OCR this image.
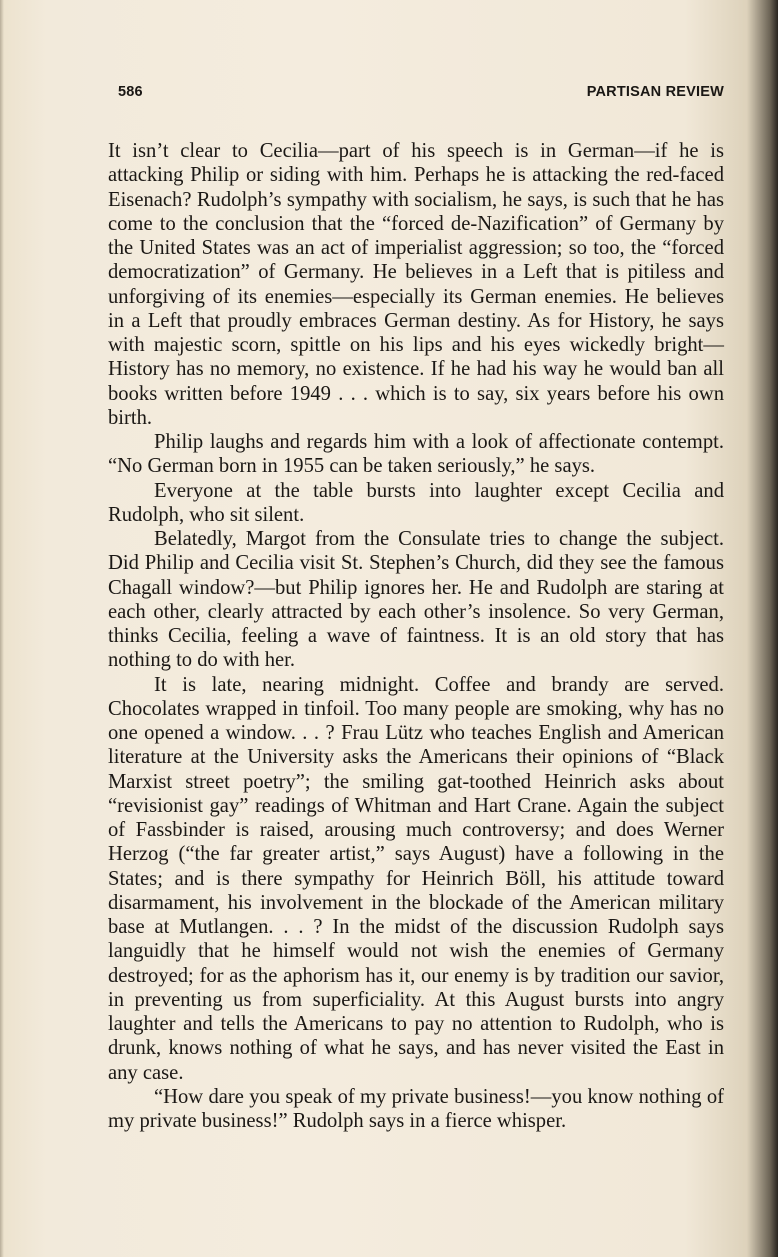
586	PARTISAN REVIEW

It isn’t clear to Cecilia—part of his speech is in German—if he is attacking Philip or siding with him. Perhaps he is attacking the red-faced Eisenach? Rudolph’s sympathy with socialism, he says, is such that he has come to the conclusion that the “forced de-Nazification” of Germany by the United States was an act of imperialist aggression; so too, the “forced democratization” of Germany. He believes in a Left that is pitiless and unforgiving of its enemies—especially its German enemies. He believes in a Left that proudly embraces German destiny. As for History, he says with majestic scorn, spittle on his lips and his eyes wickedly bright—History has no memory, no existence. If he had his way he would ban all books written before 1949 . . . which is to say, six years before his own birth.

Philip laughs and regards him with a look of affectionate contempt. “No German born in 1955 can be taken seriously,” he says.

Everyone at the table bursts into laughter except Cecilia and Rudolph, who sit silent.

Belatedly, Margot from the Consulate tries to change the subject. Did Philip and Cecilia visit St. Stephen’s Church, did they see the famous Chagall window?—but Philip ignores her. He and Rudolph are staring at each other, clearly attracted by each other’s insolence. So very German, thinks Cecilia, feeling a wave of faintness. It is an old story that has nothing to do with her.

It is late, nearing midnight. Coffee and brandy are served. Chocolates wrapped in tinfoil. Too many people are smoking, why has no one opened a window. . . ? Frau Lütz who teaches English and American literature at the University asks the Americans their opinions of “Black Marxist street poetry”; the smiling gat-toothed Heinrich asks about “revisionist gay” readings of Whitman and Hart Crane. Again the subject of Fassbinder is raised, arousing much controversy; and does Werner Herzog (“the far greater artist,” says August) have a following in the States; and is there sympathy for Heinrich Böll, his attitude toward disarmament, his involvement in the blockade of the American military base at Mutlangen. . . ? In the midst of the discussion Rudolph says languidly that he himself would not wish the enemies of Germany destroyed; for as the aphorism has it, our enemy is by tradition our savior, in preventing us from superficiality. At this August bursts into angry laughter and tells the Americans to pay no attention to Rudolph, who is drunk, knows nothing of what he says, and has never visited the East in any case.

“How dare you speak of my private business!—you know nothing of my private business!” Rudolph says in a fierce whisper.
